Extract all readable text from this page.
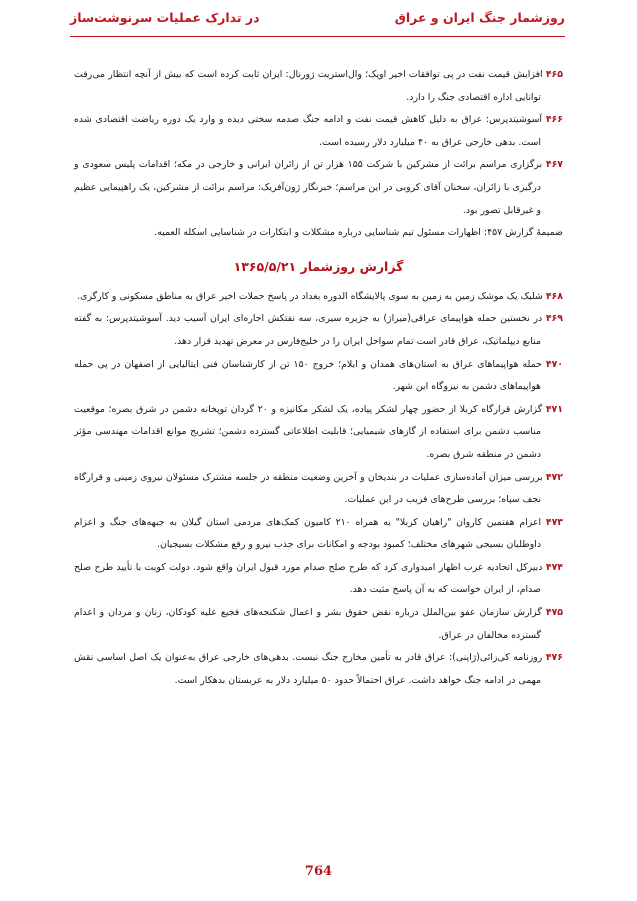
روزشمار جنگ ایران و عراق
در تدارک عملیات سرنوشت‌ساز

۴۶۵ افزایش قیمت نفت در پی توافقات اخیر اوپک؛ وال‌استریت ژورنال: ایران ثابت کرده است که بیش از آنچه انتظار می‌رفت توانایی اداره اقتصادی جنگ را دارد.

۴۶۶ آسوشیتدپرس: عراق به دلیل کاهش قیمت نفت و ادامه جنگ صدمه سختی دیده و وارد یک دوره ریاضت اقتصادی شده است. بدهی خارجی عراق به ۴۰ میلیارد دلار رسیده است.

۴۶۷ برگزاری مراسم برائت از مشرکین با شرکت ۱۵۵ هزار تن از زائران ایرانی و خارجی در مکه؛ اقدامات پلیس سعودی و درگیری با زائران، سخنان آقای کروبی در این مراسم؛ خبرنگار ژون‌آفریک: مراسم برائت از مشرکین، یک راهپیمایی عظیم و غیرقابل تصور بود.

ضمیمهٔ گزارش ۴۵۷: اظهارات مسئول تیم شناسایی درباره مشکلات و ابتکارات در شناسایی اسکله العمیه.

گزارش روزشمار ۱۳۶۵/۵/۲۱

۴۶۸ شلیک یک موشک زمین به زمین به سوی پالایشگاه الدوره بغداد در پاسخ حملات اخیر عراق به مناطق مسکونی و کارگری.

۴۶۹ در نخستین حمله هواپیمای عراقی(میراژ) به جزیره سیری، سه نفتکش اجاره‌ای ایران آسیب دید. آسوشیتدپرس: به گفته منابع دیپلماتیک، عراق قادر است تمام سواحل ایران را در خلیج‌فارس در معرض تهدید قرار دهد.

۴۷۰ حمله هواپیماهای عراق به استان‌های همدان و ایلام؛ خروج ۱۵۰ تن از کارشناسان فنی ایتالیایی از اصفهان در پی حمله هواپیماهای دشمن به نیروگاه این شهر.

۴۷۱ گزارش قرارگاه کربلا از حضور چهار لشکر پیاده، یک لشکر مکانیزه و ۲۰ گردان توپخانه دشمن در شرق بصره؛ موقعیت مناسب دشمن برای استفاده از گازهای شیمیایی؛ قابلیت اطلاعاتی گسترده دشمن؛ تشریح موانع اقدامات مهندسی مؤثر دشمن در منطقه شرق بصره.

۴۷۲ بررسی میزان آماده‌سازی عملیات در بندیخان و آخرین وضعیت منطقه در جلسه مشترک مسئولان نیروی زمینی و قرارگاه نجف سپاه؛ بررسی طرح‌های فریب در این عملیات.

۴۷۳ اعزام هفتمین کاروان "راهیان کربلا" به همراه ۲۱۰ کامیون کمک‌های مردمی استان گیلان به جبهه‌های جنگ و اعزام داوطلبان بسیجی شهرهای مختلف؛ کمبود بودجه و امکانات برای جذب نیرو و رفع مشکلات بسیجیان.

۴۷۴ دبیرکل اتحادیه عرب اظهار امیدواری کرد که طرح صلح صدام مورد قبول ایران واقع شود. دولت کویت با تأیید طرح صلح صدام، از ایران خواست که به آن پاسخ مثبت دهد.

۴۷۵ گزارش سازمان عفو بین‌الملل درباره نقض حقوق بشر و اعمال شکنجه‌های فجیع علیه کودکان، زنان و مردان و اعدام گسترده مخالفان در عراق.

۴۷۶ روزنامه کی‌زائی(ژاپنی): عراق قادر به تأمین مخارج جنگ نیست. بدهی‌های خارجی عراق به‌عنوان یک اصل اساسی نقش مهمی در ادامه جنگ خواهد داشت. عراق احتمالاً حدود ۵۰ میلیارد دلار به عربستان بدهکار است.

764
